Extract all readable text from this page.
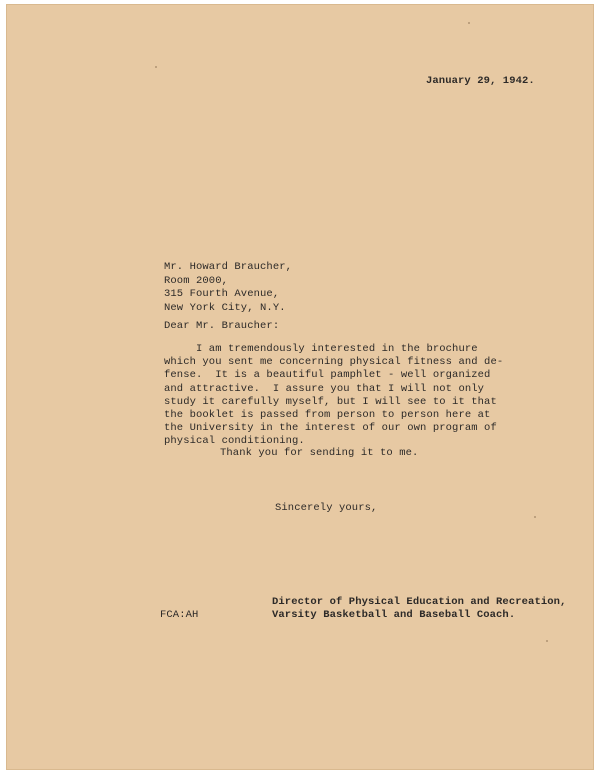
January 29, 1942.
Mr. Howard Braucher,
Room 2000,
315 Fourth Avenue,
New York City, N.Y.
Dear Mr. Braucher:
I am tremendously interested in the brochure
which you sent me concerning physical fitness and de-
fense.  It is a beautiful pamphlet - well organized
and attractive.  I assure you that I will not only
study it carefully myself, but I will see to it that
the booklet is passed from person to person here at
the University in the interest of our own program of
physical conditioning.
Thank you for sending it to me.
Sincerely yours,
Director of Physical Education and Recreation,
Varsity Basketball and Baseball Coach.
FCA:AH
